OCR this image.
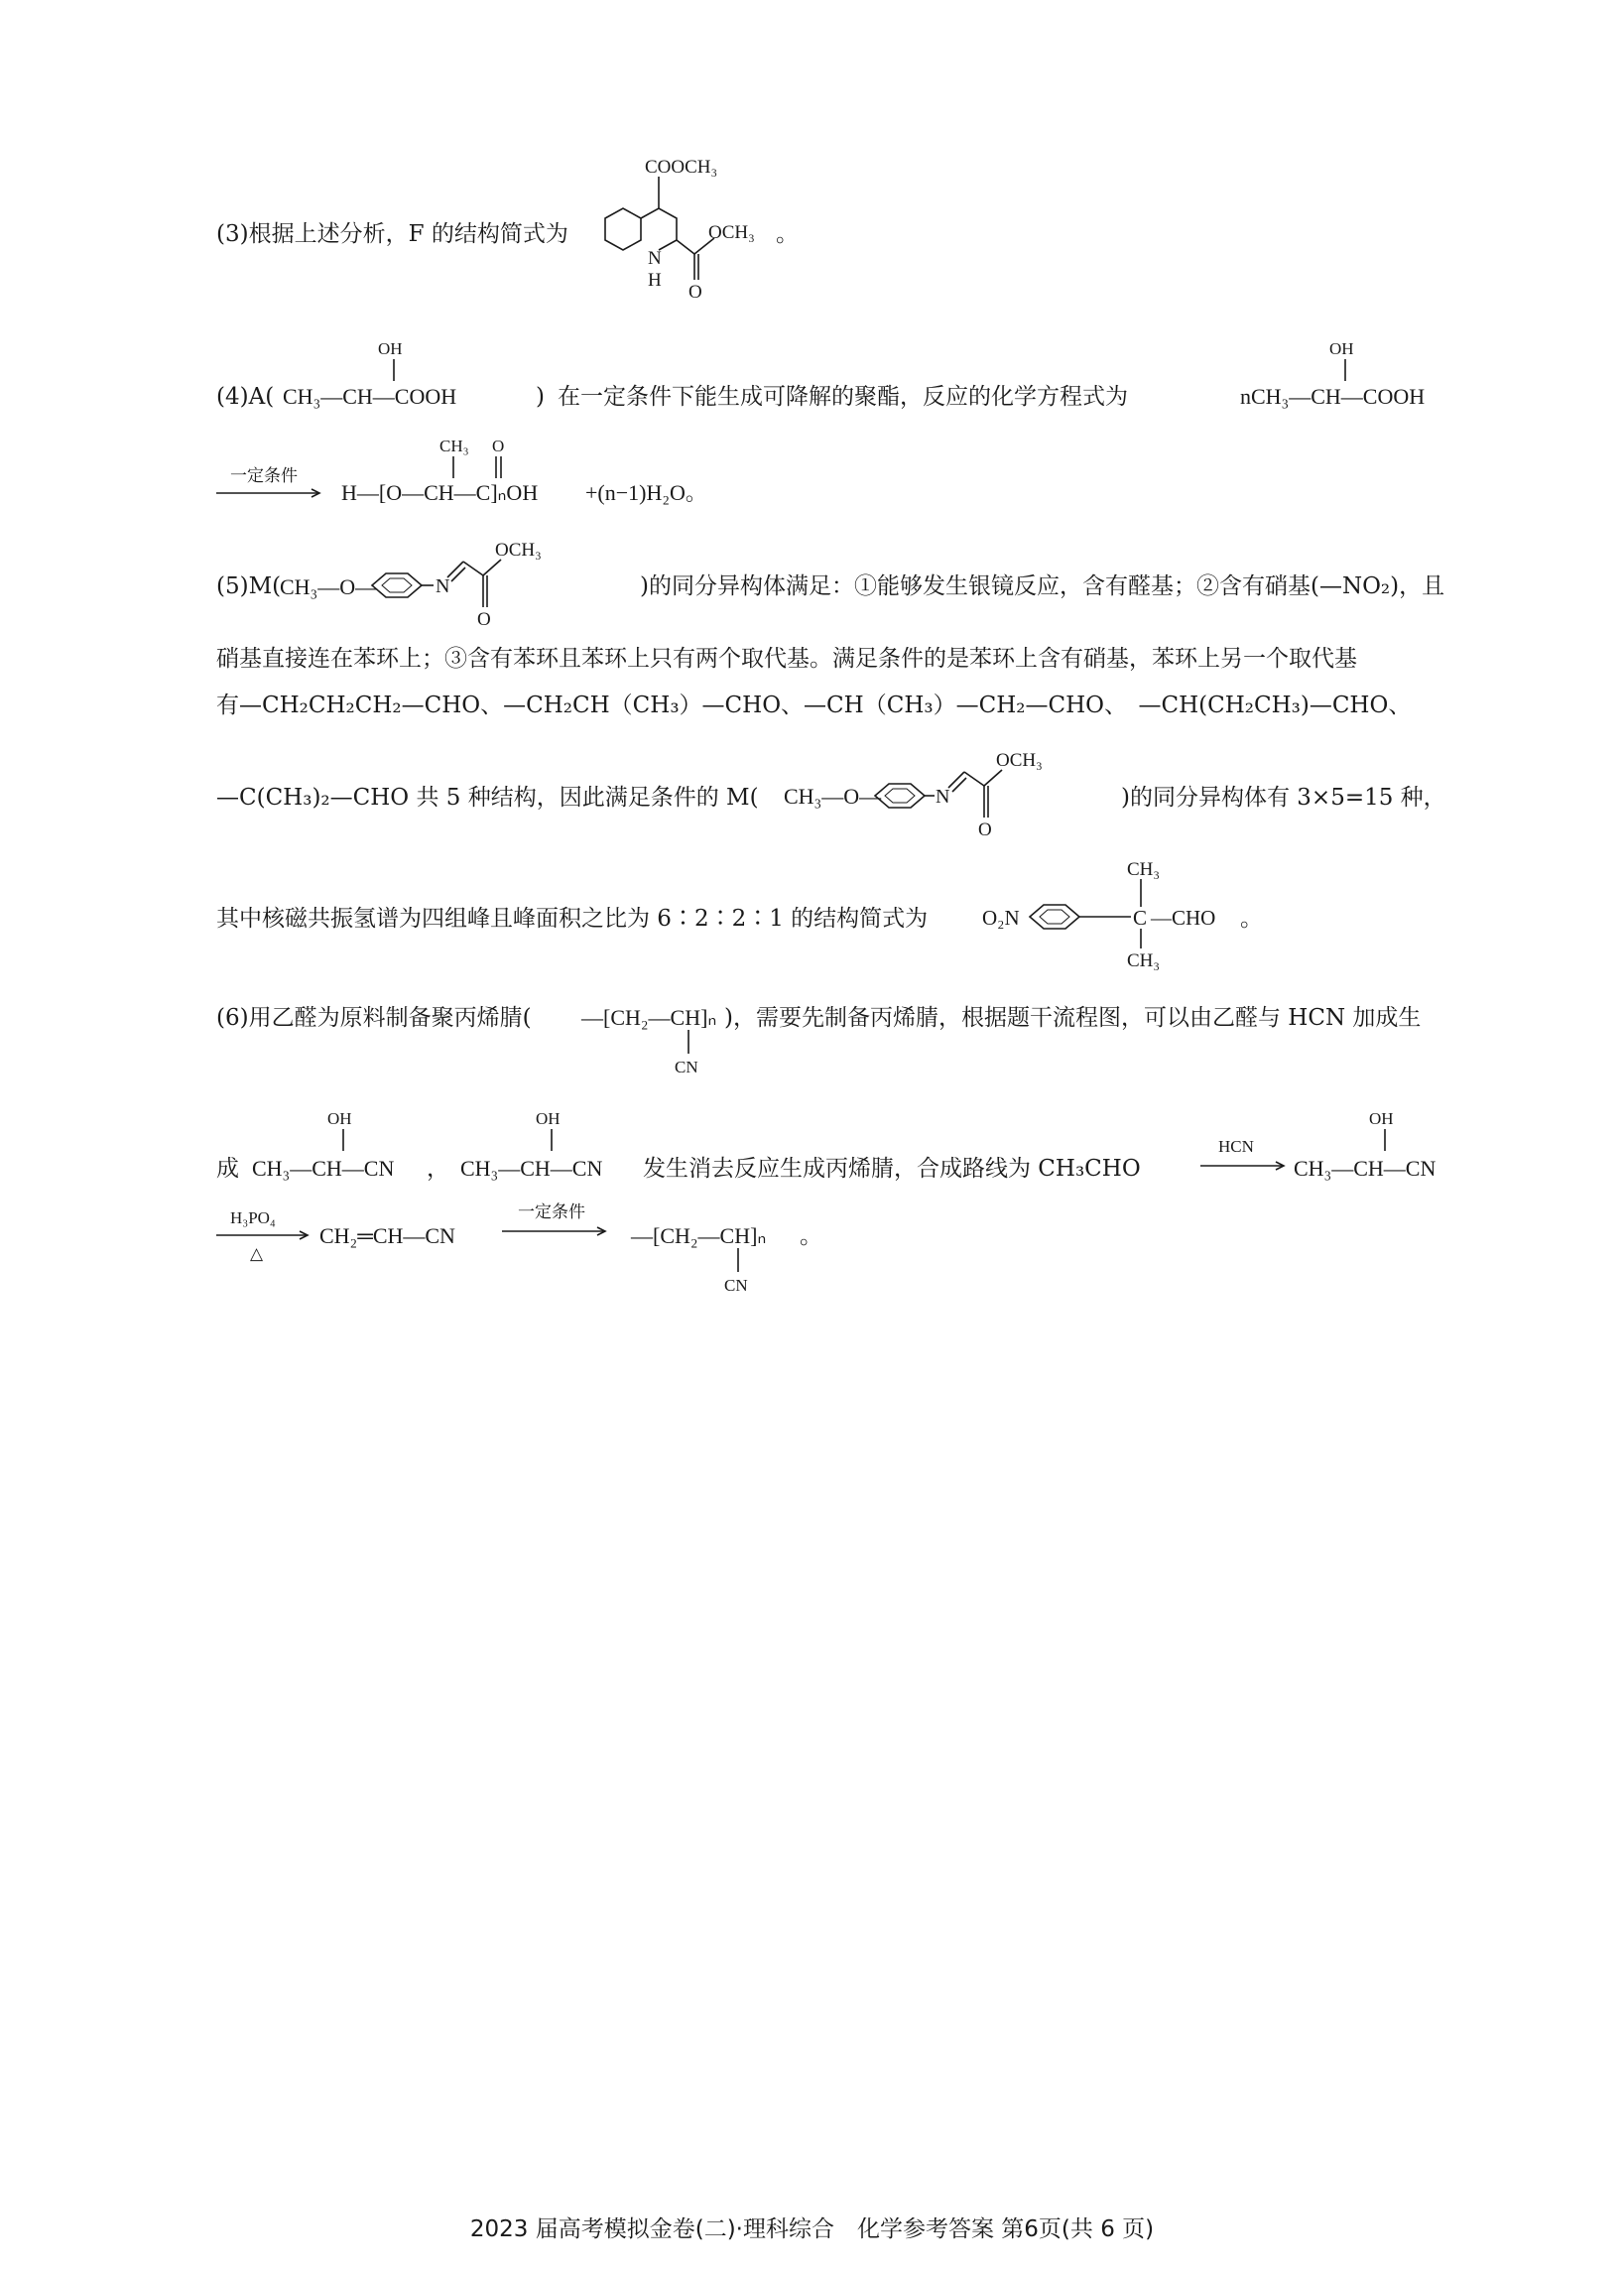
(3)根据上述分析，F 的结构简式为
COOCH₃
OCH₃
O
N
H
。
(4)A(
OH
CH₃—CH—COOH	) 在一定条件下能生成可降解的聚酯，反应的化学方程式为
OH
nCH₃—CH—COOH
一定条件
CH₃ O
H—[O—CH—C]ₙOH +(n−1)H₂O。
(5)M(
CH₃—O—	N
OCH₃
O
)的同分异构体满足：①能够发生银镜反应，含有醛基；②含有硝基(—NO₂)，且
硝基直接连在苯环上；③含有苯环且苯环上只有两个取代基。满足条件的是苯环上含有硝基，苯环上另一个取代基
有—CH₂CH₂CH₂—CHO、—CH₂CH（CH₃）—CHO、—CH（CH₃）—CH₂—CHO、　—CH(CH₂CH₃)—CHO、
—C(CH₃)₂—CHO 共 5 种结构，因此满足条件的 M( CH₃—O—	N
OCH₃
O
)的同分异构体有 3×5=15 种，
其中核磁共振氢谱为四组峰且峰面积之比为 6∶2∶2∶1 的结构简式为	O₂N
CH₃
C
CH₃
—CHO 。
(6)用乙醛为原料制备聚丙烯腈( —[CH₂—CH]ₙ
CN
)，需要先制备丙烯腈，根据题干流程图，可以由乙醛与 HCN 加成生
成
OH
CH₃—CH—CN ，
OH
CH₃—CH—CN 发生消去反应生成丙烯腈，合成路线为 CH₃CHO
HCN
OH
CH₃—CH—CN
H₃PO₄
△
CH₂═CH—CN
一定条件
—[CH₂—CH]ₙ
CN
。
2023 届高考模拟金卷(二)·理科综合　化学参考答案 第6页(共 6 页)
